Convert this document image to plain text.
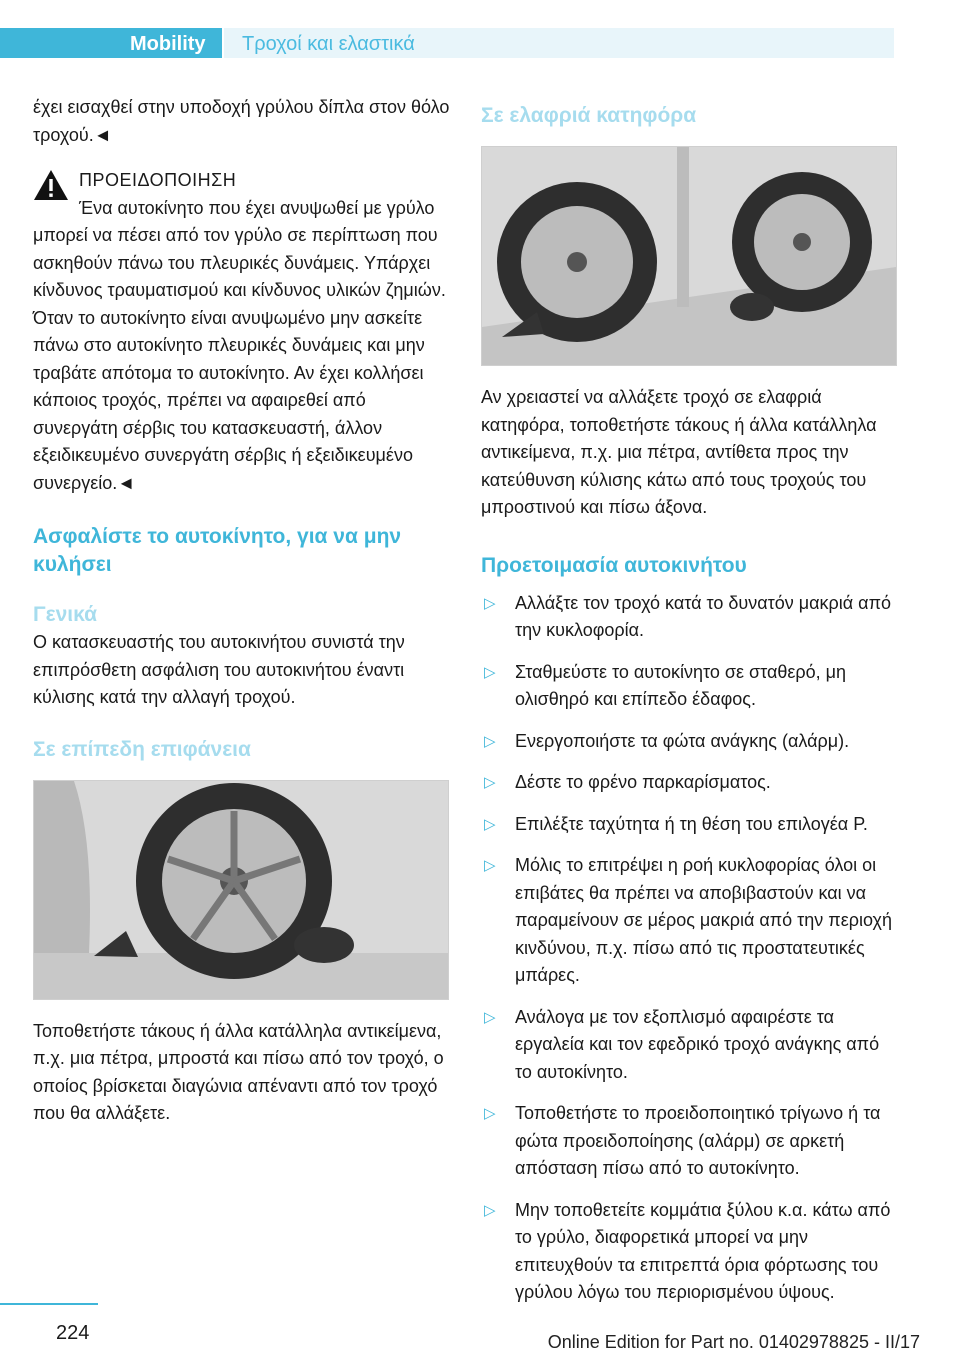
Mobility Τροχοί και ελαστικά

έχει εισαχθεί στην υποδοχή γρύλου δίπλα στον θόλο τροχού.◄

ΠΡΟΕΙΔΟΠΟΙΗΣΗ

Ένα αυτοκίνητο που έχει ανυψωθεί με γρύλο μπορεί να πέσει από τον γρύλο σε περίπτωση που ασκηθούν πάνω του πλευρικές δυνάμεις. Υπάρχει κίνδυνος τραυματισμού και κίνδυνος υλικών ζημιών. Όταν το αυτοκίνητο είναι ανυψωμένο μην ασκείτε πάνω στο αυτοκίνητο πλευρικές δυνάμεις και μην τραβάτε απότομα το αυτοκίνητο. Αν έχει κολλήσει κάποιος τροχός, πρέπει να αφαιρεθεί από συνεργάτη σέρβις του κατασκευαστή, άλλον εξειδικευμένο συνεργάτη σέρβις ή εξειδικευμένο συνεργείο.◄

Ασφαλίστε το αυτοκίνητο, για να μην κυλήσει
Γενικά

Ο κατασκευαστής του αυτοκινήτου συνιστά την επιπρόσθετη ασφάλιση του αυτοκινήτου έναντι κύλισης κατά την αλλαγή τροχού.

Σε επίπεδη επιφάνεια

Τοποθετήστε τάκους ή άλλα κατάλληλα αντικείμενα, π.χ. μια πέτρα, μπροστά και πίσω από τον τροχό, ο οποίος βρίσκεται διαγώνια απέναντι από τον τροχό που θα αλλάξετε.

Σε ελαφριά κατηφόρα

Αν χρειαστεί να αλλάξετε τροχό σε ελαφριά κατηφόρα, τοποθετήστε τάκους ή άλλα κατάλληλα αντικείμενα, π.χ. μια πέτρα, αντίθετα προς την κατεύθυνση κύλισης κάτω από τους τροχούς του μπροστινού και πίσω άξονα.

Προετοιμασία αυτοκινήτου
▷ Αλλάξτε τον τροχό κατά το δυνατόν μακριά από την κυκλοφορία.
▷ Σταθμεύστε το αυτοκίνητο σε σταθερό, μη ολισθηρό και επίπεδο έδαφος.
▷ Ενεργοποιήστε τα φώτα ανάγκης (αλάρμ).
▷ Δέστε το φρένο παρκαρίσματος.
▷ Επιλέξτε ταχύτητα ή τη θέση του επιλογέα P.
▷ Μόλις το επιτρέψει η ροή κυκλοφορίας όλοι οι επιβάτες θα πρέπει να αποβιβαστούν και να παραμείνουν σε μέρος μακριά από την περιοχή κινδύνου, π.χ. πίσω από τις προστατευτικές μπάρες.
▷ Ανάλογα με τον εξοπλισμό αφαιρέστε τα εργαλεία και τον εφεδρικό τροχό ανάγκης από το αυτοκίνητο.
▷ Τοποθετήστε το προειδοποιητικό τρίγωνο ή τα φώτα προειδοποίησης (αλάρμ) σε αρκετή απόσταση πίσω από το αυτοκίνητο.
▷ Μην τοποθετείτε κομμάτια ξύλου κ.α. κάτω από το γρύλο, διαφορετικά μπορεί να μην επιτευχθούν τα επιτρεπτά όρια φόρτωσης του γρύλου λόγω του περιορισμένου ύψους.
224	Online Edition for Part no. 01402978825 - II/17
